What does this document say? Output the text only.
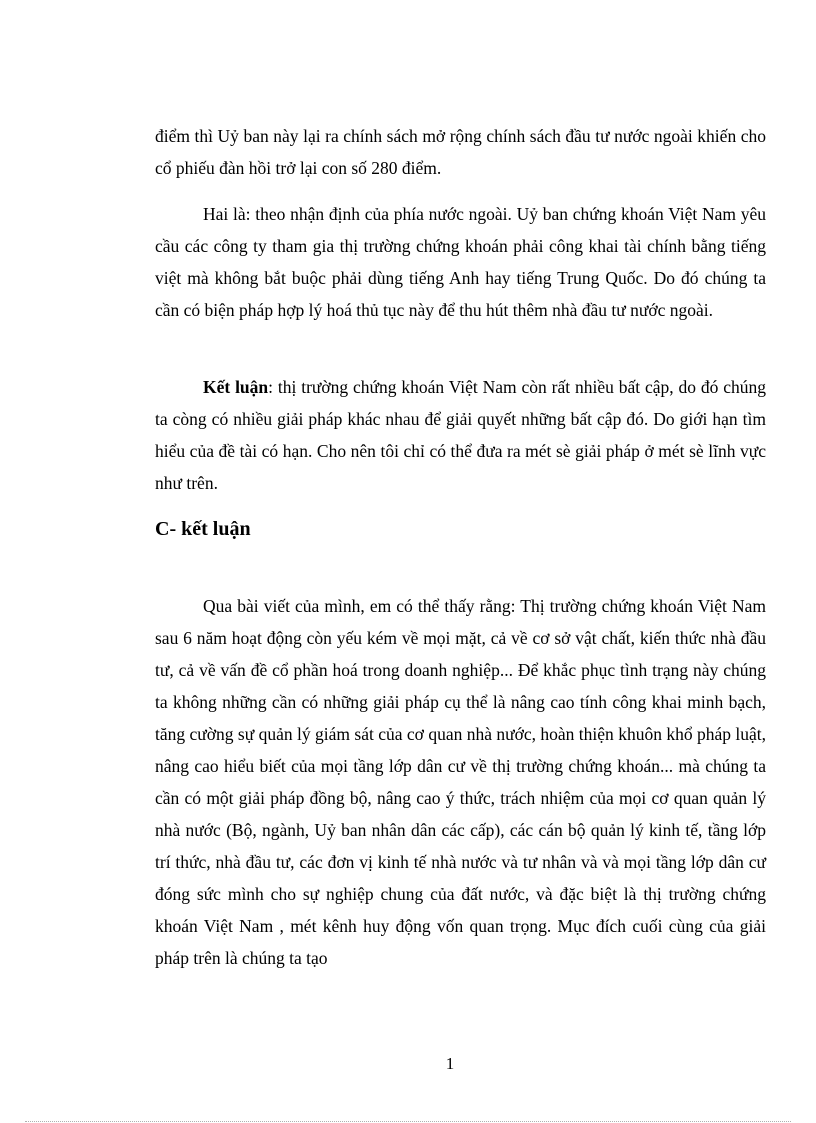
điểm thì Uỷ ban này lại ra chính sách mở rộng chính sách đầu tư nước ngoài khiến cho cổ phiếu đàn hồi trở lại con số 280 điểm.

Hai là: theo nhận định của phía nước ngoài. Uỷ ban chứng khoán Việt Nam yêu cầu các công ty tham gia thị trường chứng khoán phải công khai tài chính bằng tiếng việt mà không bắt buộc phải dùng tiếng Anh hay tiếng Trung Quốc. Do đó chúng ta cần có biện pháp hợp lý hoá thủ tục này để thu hút thêm nhà đầu tư nước ngoài.

Kết luận: thị trường chứng khoán Việt Nam còn rất nhiều bất cập, do đó chúng ta còng có nhiều giải pháp khác nhau để giải quyết những bất cập đó. Do giới hạn tìm hiểu của đề tài có hạn. Cho nên tôi chỉ có thể đưa ra mét sè giải pháp ở mét sè lĩnh vực như trên.

C- kết luận

Qua bài viết của mình, em có thể thấy rằng: Thị trường chứng khoán Việt Nam sau 6 năm hoạt động còn yếu kém về mọi mặt, cả về cơ sở vật chất, kiến thức nhà đầu tư, cả về vấn đề cổ phần hoá trong doanh nghiệp... Để khắc phục tình trạng này chúng ta không những cần có những giải pháp cụ thể là nâng cao tính công khai minh bạch, tăng cường sự quản lý giám sát của cơ quan nhà nước, hoàn thiện khuôn khổ pháp luật, nâng cao hiểu biết của mọi tầng lớp dân cư về thị trường chứng khoán... mà chúng ta cần có một giải pháp đồng bộ, nâng cao ý thức, trách nhiệm của mọi cơ quan quản lý nhà nước (Bộ, ngành, Uỷ ban nhân dân các cấp), các cán bộ quản lý kinh tế, tầng lớp trí thức, nhà đầu tư, các đơn vị kinh tế nhà nước và tư nhân và và mọi tầng lớp dân cư đóng sức mình cho sự nghiệp chung của đất nước, và đặc biệt là thị trường chứng khoán Việt Nam , mét kênh huy động vốn quan trọng. Mục đích cuối cùng của giải pháp trên là chúng ta tạo

1
